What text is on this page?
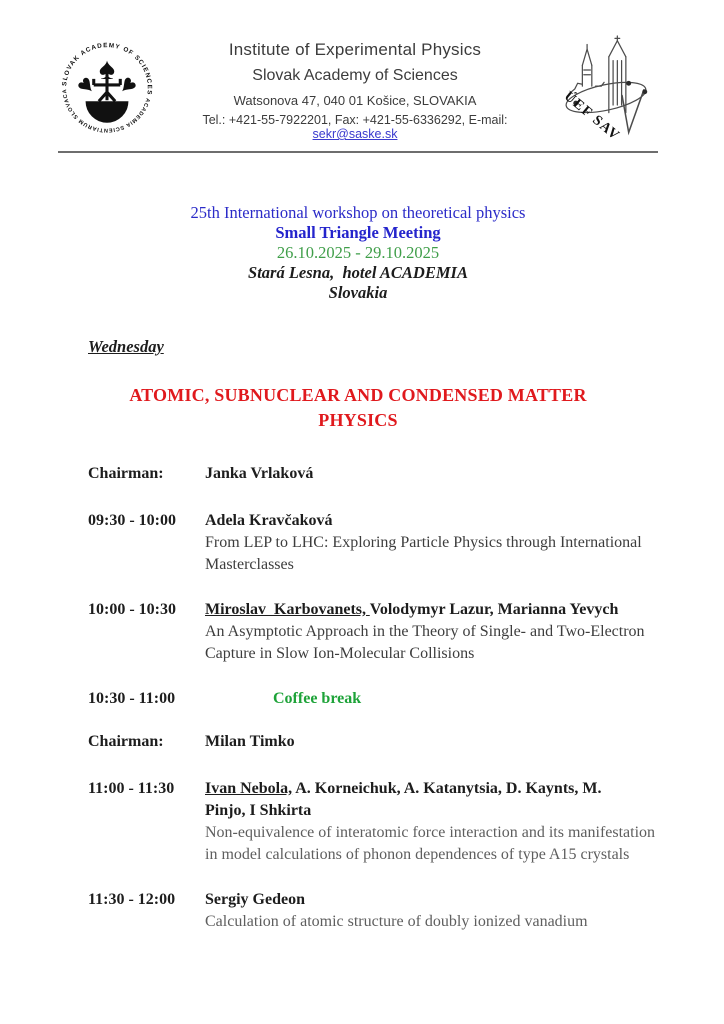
SLOVAK ACADEMY OF SCIENCES
ACADEMIA SCIENTIARUM SLOVACA
♠
♥ ♥
Institute of Experimental Physics
Slovak Academy of Sciences
Watsonova 47, 040 01 Košice, SLOVAKIA
Tel.: +421-55-7922201, Fax: +421-55-6336292, E-mail: sekr@saske.sk	ÚEF SAV
25th International workshop on theoretical physics
Small Triangle Meeting
26.10.2025 - 29.10.2025
Stará Lesna,  hotel ACADEMIA
Slovakia
Wednesday
ATOMIC, SUBNUCLEAR AND CONDENSED MATTER PHYSICS
Chairman:	Janka Vrlaková
09:30 - 10:00	Adela Kravčaková
From LEP to LHC: Exploring Particle Physics through International  Masterclasses
10:00 - 10:30	Miroslav  Karbovanets, Volodymyr Lazur, Marianna Yevych
An Asymptotic Approach in the Theory of Single- and Two-Electron Capture in Slow Ion-Molecular Collisions
10:30 - 11:00	Coffee break
Chairman:	Milan Timko
11:00 - 11:30	Ivan Nebola, A. Korneichuk, A. Katanytsia, D. Kaynts, M. Pinjo, I Shkirta
Non-equivalence of interatomic force interaction and its manifestation in model calculations of phonon dependences of type A15 crystals
11:30 - 12:00	Sergiy Gedeon
Calculation of atomic structure of doubly ionized vanadium
